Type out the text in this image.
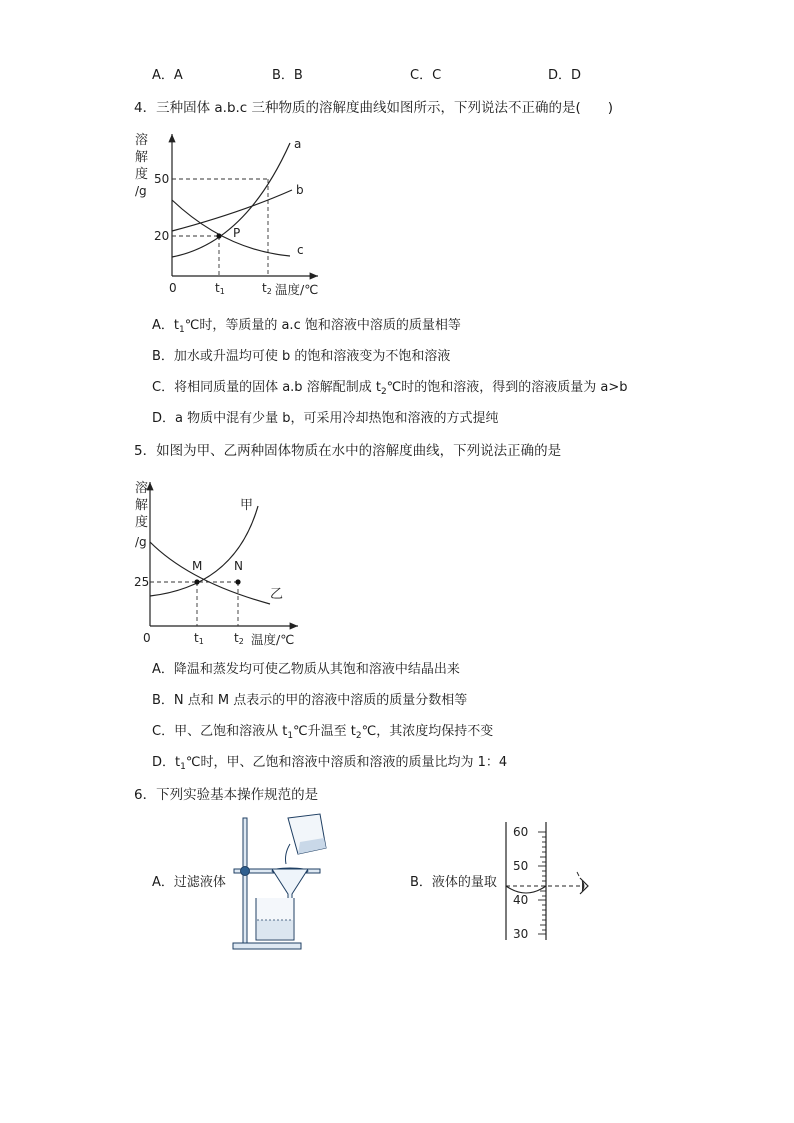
A．A	B．B	C．C	D．D
4．三种固体 a.b.c 三种物质的溶解度曲线如图所示，下列说法不正确的是(　　)
溶
解
度
/g
50
20
0	t1	t2 温度/℃
a
b
c
P
A．$t_1℃$时，等质量的 a.c 饱和溶液中溶质的质量相等
B．加水或升温均可使 b 的饱和溶液变为不饱和溶液
C．将相同质量的固体 a.b 溶解配制成 $t_2℃$时的饱和溶液，得到的溶液质量为 a>b
D．a 物质中混有少量 b，可采用冷却热饱和溶液的方式提纯
5．如图为甲、乙两种固体物质在水中的溶解度曲线，下列说法正确的是
溶
解
度
/g
25
0	t1	t2 温度/℃
甲
乙
M	N
A．降温和蒸发均可使乙物质从其饱和溶液中结晶出来
B．N 点和 M 点表示的甲的溶液中溶质的质量分数相等
C．甲、乙饱和溶液从 $t_1℃$升温至 $t_2℃$，其浓度均保持不变
D．$t_1℃$时，甲、乙饱和溶液中溶质和溶液的质量比均为 1：4
6．下列实验基本操作规范的是
A．过滤液体	B．液体的量取
60
50
40
30
